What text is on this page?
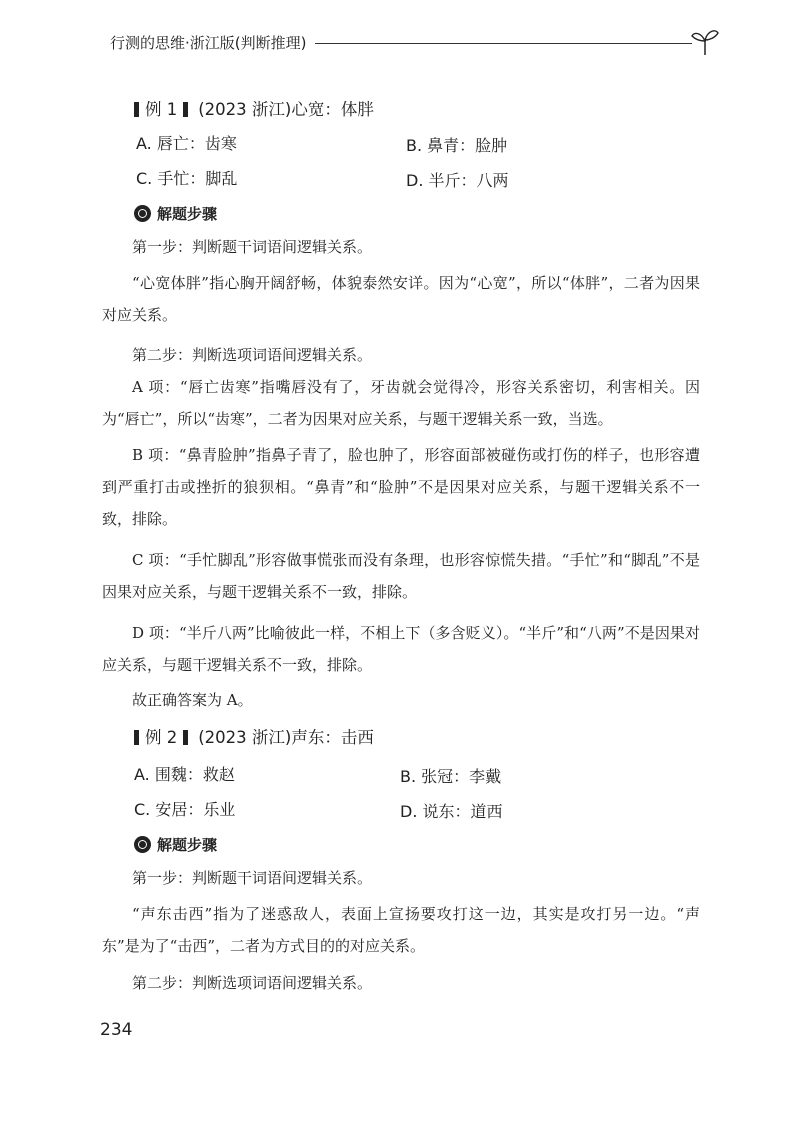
行测的思维·浙江版(判断推理)
例 1 (2023 浙江)心宽：体胖
A. 唇亡：齿寒	B. 鼻青：脸肿
C. 手忙：脚乱	D. 半斤：八两
解题步骤

第一步：判断题干词语间逻辑关系。

“心宽体胖”指心胸开阔舒畅，体貌泰然安详。因为“心宽”，所以“体胖”，二者为因果对应关系。

第二步：判断选项词语间逻辑关系。

A 项：“唇亡齿寒”指嘴唇没有了，牙齿就会觉得冷，形容关系密切，利害相关。因为“唇亡”，所以“齿寒”，二者为因果对应关系，与题干逻辑关系一致，当选。

B 项：“鼻青脸肿”指鼻子青了，脸也肿了，形容面部被碰伤或打伤的样子，也形容遭到严重打击或挫折的狼狈相。“鼻青”和“脸肿”不是因果对应关系，与题干逻辑关系不一致，排除。

C 项：“手忙脚乱”形容做事慌张而没有条理，也形容惊慌失措。“手忙”和“脚乱”不是因果对应关系，与题干逻辑关系不一致，排除。

D 项：“半斤八两”比喻彼此一样，不相上下（多含贬义）。“半斤”和“八两”不是因果对应关系，与题干逻辑关系不一致，排除。

故正确答案为 A。

例 2 (2023 浙江)声东：击西
A. 围魏：救赵	B. 张冠：李戴
C. 安居：乐业	D. 说东：道西
解题步骤

第一步：判断题干词语间逻辑关系。

“声东击西”指为了迷惑敌人，表面上宣扬要攻打这一边，其实是攻打另一边。“声东”是为了“击西”，二者为方式目的的对应关系。

第二步：判断选项词语间逻辑关系。

234
